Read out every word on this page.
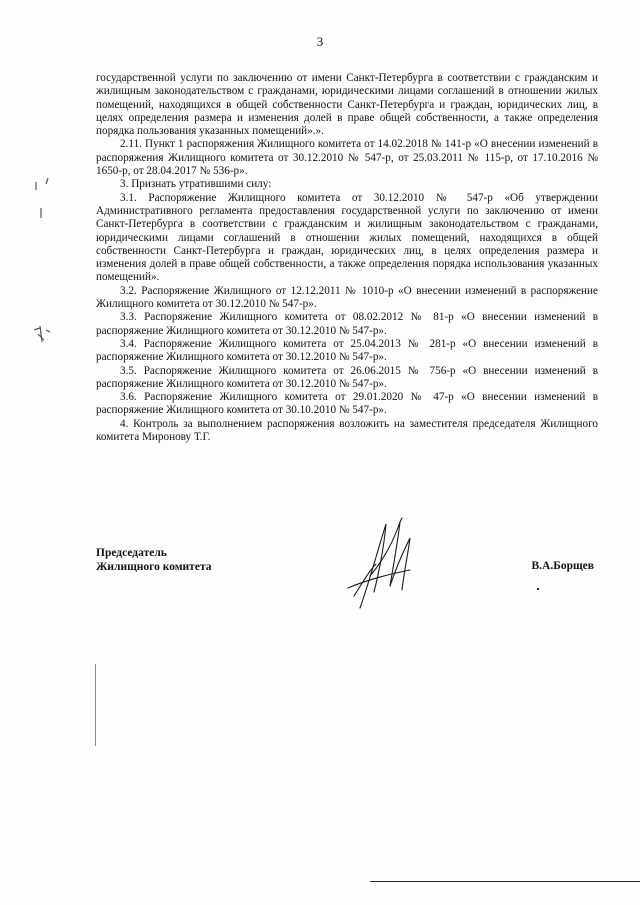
3

государственной услуги по заключению от имени Санкт-Петербурга в соответствии с гражданским и жилищным законодательством с гражданами, юридическими лицами соглашений в отношении жилых помещений, находящихся в общей собственности Санкт-Петербурга и граждан, юридических лиц, в целях определения размера и изменения долей в праве общей собственности, а также определения порядка пользования указанных помещений».».

2.11. Пункт 1 распоряжения Жилищного комитета от 14.02.2018 № 141-р «О внесении изменений в распоряжения Жилищного комитета от 30.12.2010 № 547-р, от 25.03.2011 № 115-р, от 17.10.2016 № 1650-р, от 28.04.2017 № 536-р».

3. Признать утратившими силу:

3.1. Распоряжение Жилищного комитета от 30.12.2010 № 547-р «Об утверждении Административного регламента предоставления государственной услуги по заключению от имени Санкт-Петербурга в соответствии с гражданским и жилищным законодательством с гражданами, юридическими лицами соглашений в отношении жилых помещений, находящихся в общей собственности Санкт-Петербурга и граждан, юридических лиц, в целях определения размера и изменения долей в праве общей собственности, а также определения порядка использования указанных помещений».

3.2. Распоряжение Жилищного от 12.12.2011 № 1010-р «О внесении изменений в распоряжение Жилищного комитета от 30.12.2010 № 547-р».

3.3. Распоряжение Жилищного комитета от 08.02.2012 № 81-р «О внесении изменений в распоряжение Жилищного комитета от 30.12.2010 № 547-р».

3.4. Распоряжение Жилищного комитета от 25.04.2013 № 281-р «О внесении изменений в распоряжение Жилищного комитета от 30.12.2010 № 547-р».

3.5. Распоряжение Жилищного комитета от 26.06.2015 № 756-р «О внесении изменений в распоряжение Жилищного комитета от 30.12.2010 № 547-р».

3.6. Распоряжение Жилищного комитета от 29.01.2020 № 47-р «О внесении изменений в распоряжение Жилищного комитета от 30.10.2010 № 547-р».

4. Контроль за выполнением распоряжения возложить на заместителя председателя Жилищного комитета Миронову Т.Г.

Председатель
Жилищного комитета	В.А.Борщев
